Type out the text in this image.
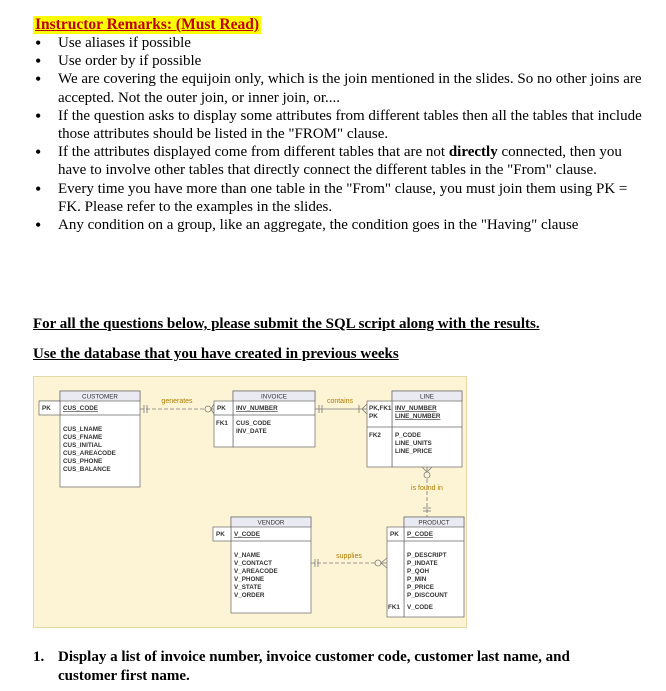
Instructor Remarks: (Must Read)

• Use aliases if possible
• Use order by if possible
• We are covering the equijoin only, which is the join mentioned in the slides. So no other joins are accepted. Not the outer join, or inner join, or....
• If the question asks to display some attributes from different tables then all the tables that include those attributes should be listed in the "FROM" clause.
• If the attributes displayed come from different tables that are not directly connected, then you have to involve other tables that directly connect the different tables in the "From" clause.
• Every time you have more than one table in the "From" clause, you must join them using PK = FK. Please refer to the examples in the slides.
• Any condition on a group, like an aggregate, the condition goes in the "Having" clause

For all the questions below, please submit the SQL script along with the results.

Use the database that you have created in previous weeks

CUSTOMER
PK CUS_CODE
CUS_LNAME
CUS_FNAME
CUS_INITIAL
CUS_AREACODE
CUS_PHONE
CUS_BALANCE
INVOICE
PK INV_NUMBER
FK1 CUS_CODE
INV_DATE
LINE
PK,FK1
PK
INV_NUMBER
LINE_NUMBER
FK2 P_CODE
LINE_UNITS
LINE_PRICE
VENDOR
PK V_CODE
V_NAME
V_CONTACT
V_AREACODE
V_PHONE
V_STATE
V_ORDER
PRODUCT
PK P_CODE
P_DESCRIPT
P_INDATE
P_QOH
P_MIN
P_PRICE
P_DISCOUNT
FK1 V_CODE
generates	contains
is found in
supplies

1. Display a list of invoice number, invoice customer code, customer last name, and
customer first name.
